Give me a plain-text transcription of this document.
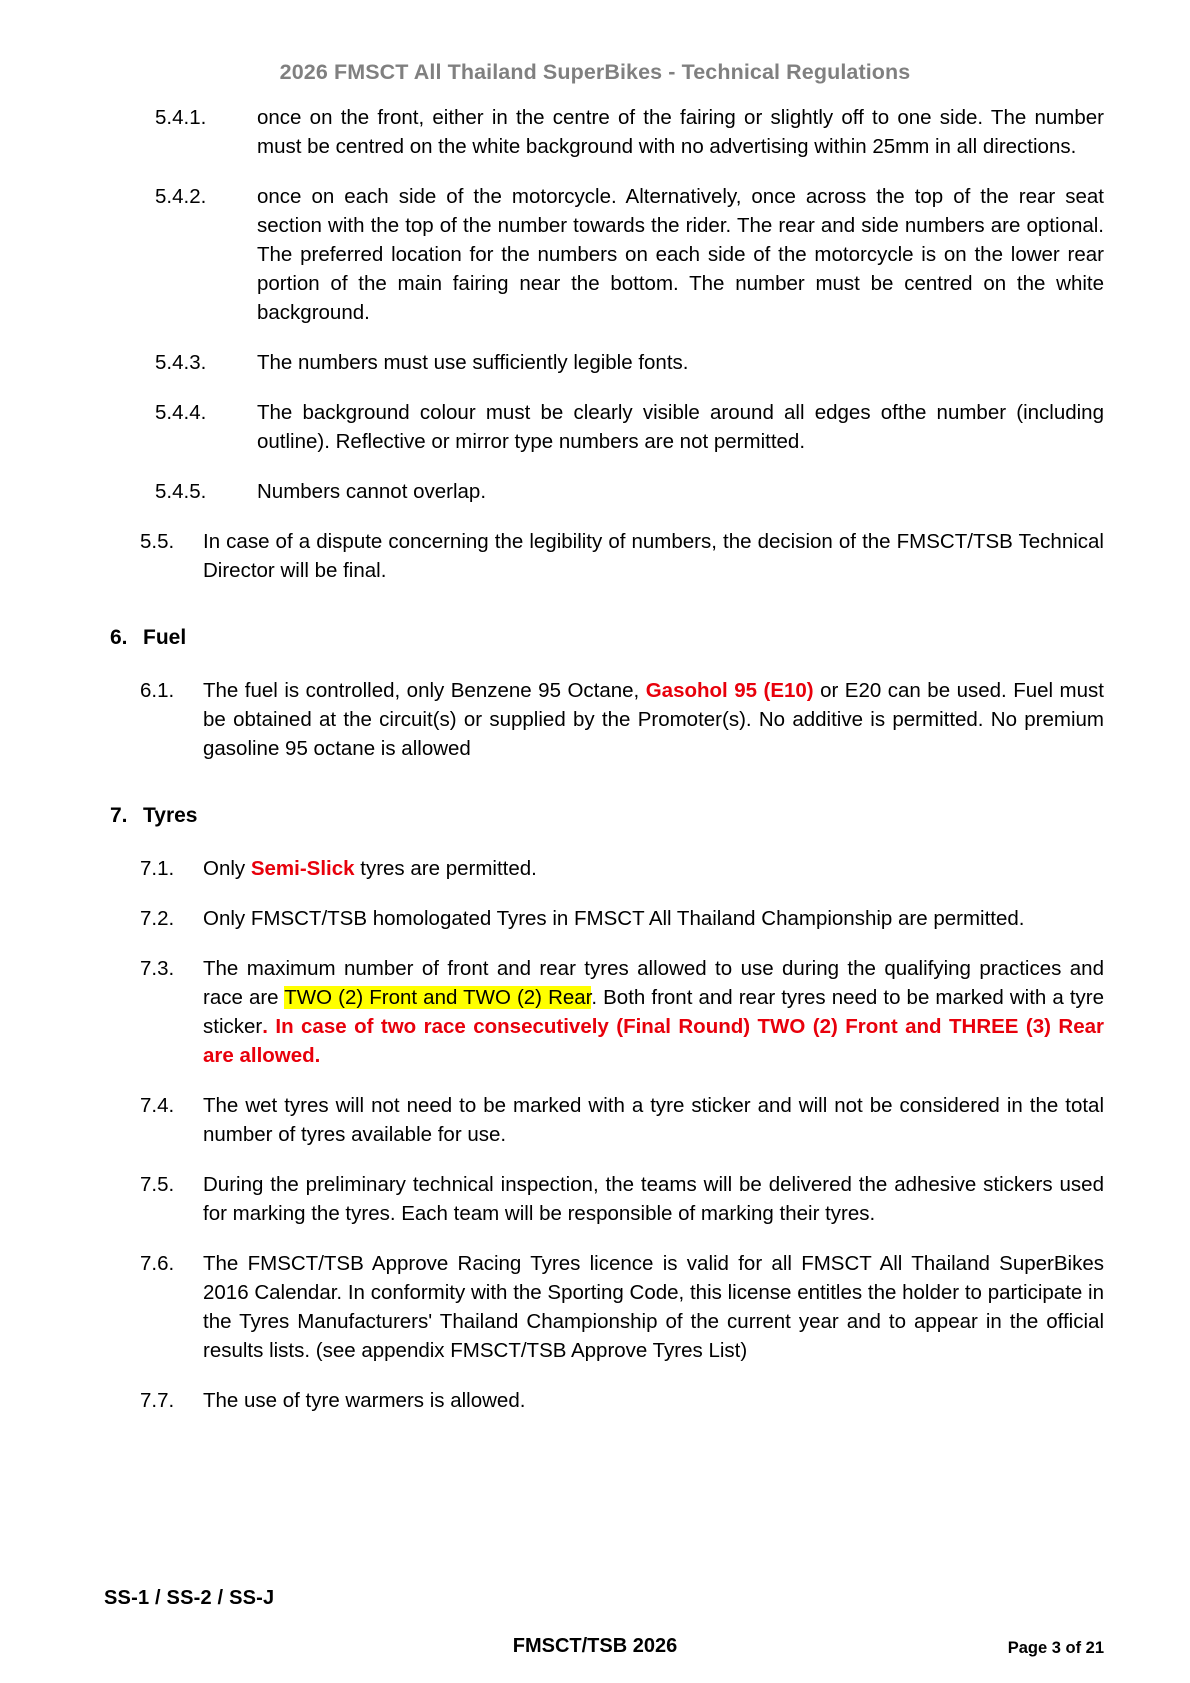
2026 FMSCT All Thailand SuperBikes - Technical Regulations
5.4.1.	once on the front, either in the centre of the fairing or slightly off to one side. The number must be centred on the white background with no advertising within 25mm in all directions.
5.4.2.	once on each side of the motorcycle. Alternatively, once across the top of the rear seat section with the top of the number towards the rider. The rear and side numbers are optional. The preferred location for the numbers on each side of the motorcycle is on the lower rear portion of the main fairing near the bottom. The number must be centred on the white background.
5.4.3.	The numbers must use sufficiently legible fonts.
5.4.4.	The background colour must be clearly visible around all edges ofthe number (including outline). Reflective or mirror type numbers are not permitted.
5.4.5.	Numbers cannot overlap.
5.5.	In case of a dispute concerning the legibility of numbers, the decision of the FMSCT/TSB Technical Director will be final.
6. Fuel
6.1.	The fuel is controlled, only Benzene 95 Octane, Gasohol 95 (E10) or E20 can be used. Fuel must be obtained at the circuit(s) or supplied by the Promoter(s). No additive is permitted. No premium gasoline 95 octane is allowed
7. Tyres
7.1.	Only Semi-Slick tyres are permitted.
7.2.	Only FMSCT/TSB homologated Tyres in FMSCT All Thailand Championship are permitted.
7.3.	The maximum number of front and rear tyres allowed to use during the qualifying practices and race are TWO (2) Front and TWO (2) Rear. Both front and rear tyres need to be marked with a tyre sticker. In case of two race consecutively (Final Round) TWO (2) Front and THREE (3) Rear are allowed.
7.4.	The wet tyres will not need to be marked with a tyre sticker and will not be considered in the total number of tyres available for use.
7.5.	During the preliminary technical inspection, the teams will be delivered the adhesive stickers used for marking the tyres. Each team will be responsible of marking their tyres.
7.6.	The FMSCT/TSB Approve Racing Tyres licence is valid for all FMSCT All Thailand SuperBikes 2016 Calendar. In conformity with the Sporting Code, this license entitles the holder to participate in the Tyres Manufacturers' Thailand Championship of the current year and to appear in the official results lists. (see appendix FMSCT/TSB Approve Tyres List)
7.7.	The use of tyre warmers is allowed.
SS-1 / SS-2 / SS-J
FMSCT/TSB 2026	Page 3 of 21
